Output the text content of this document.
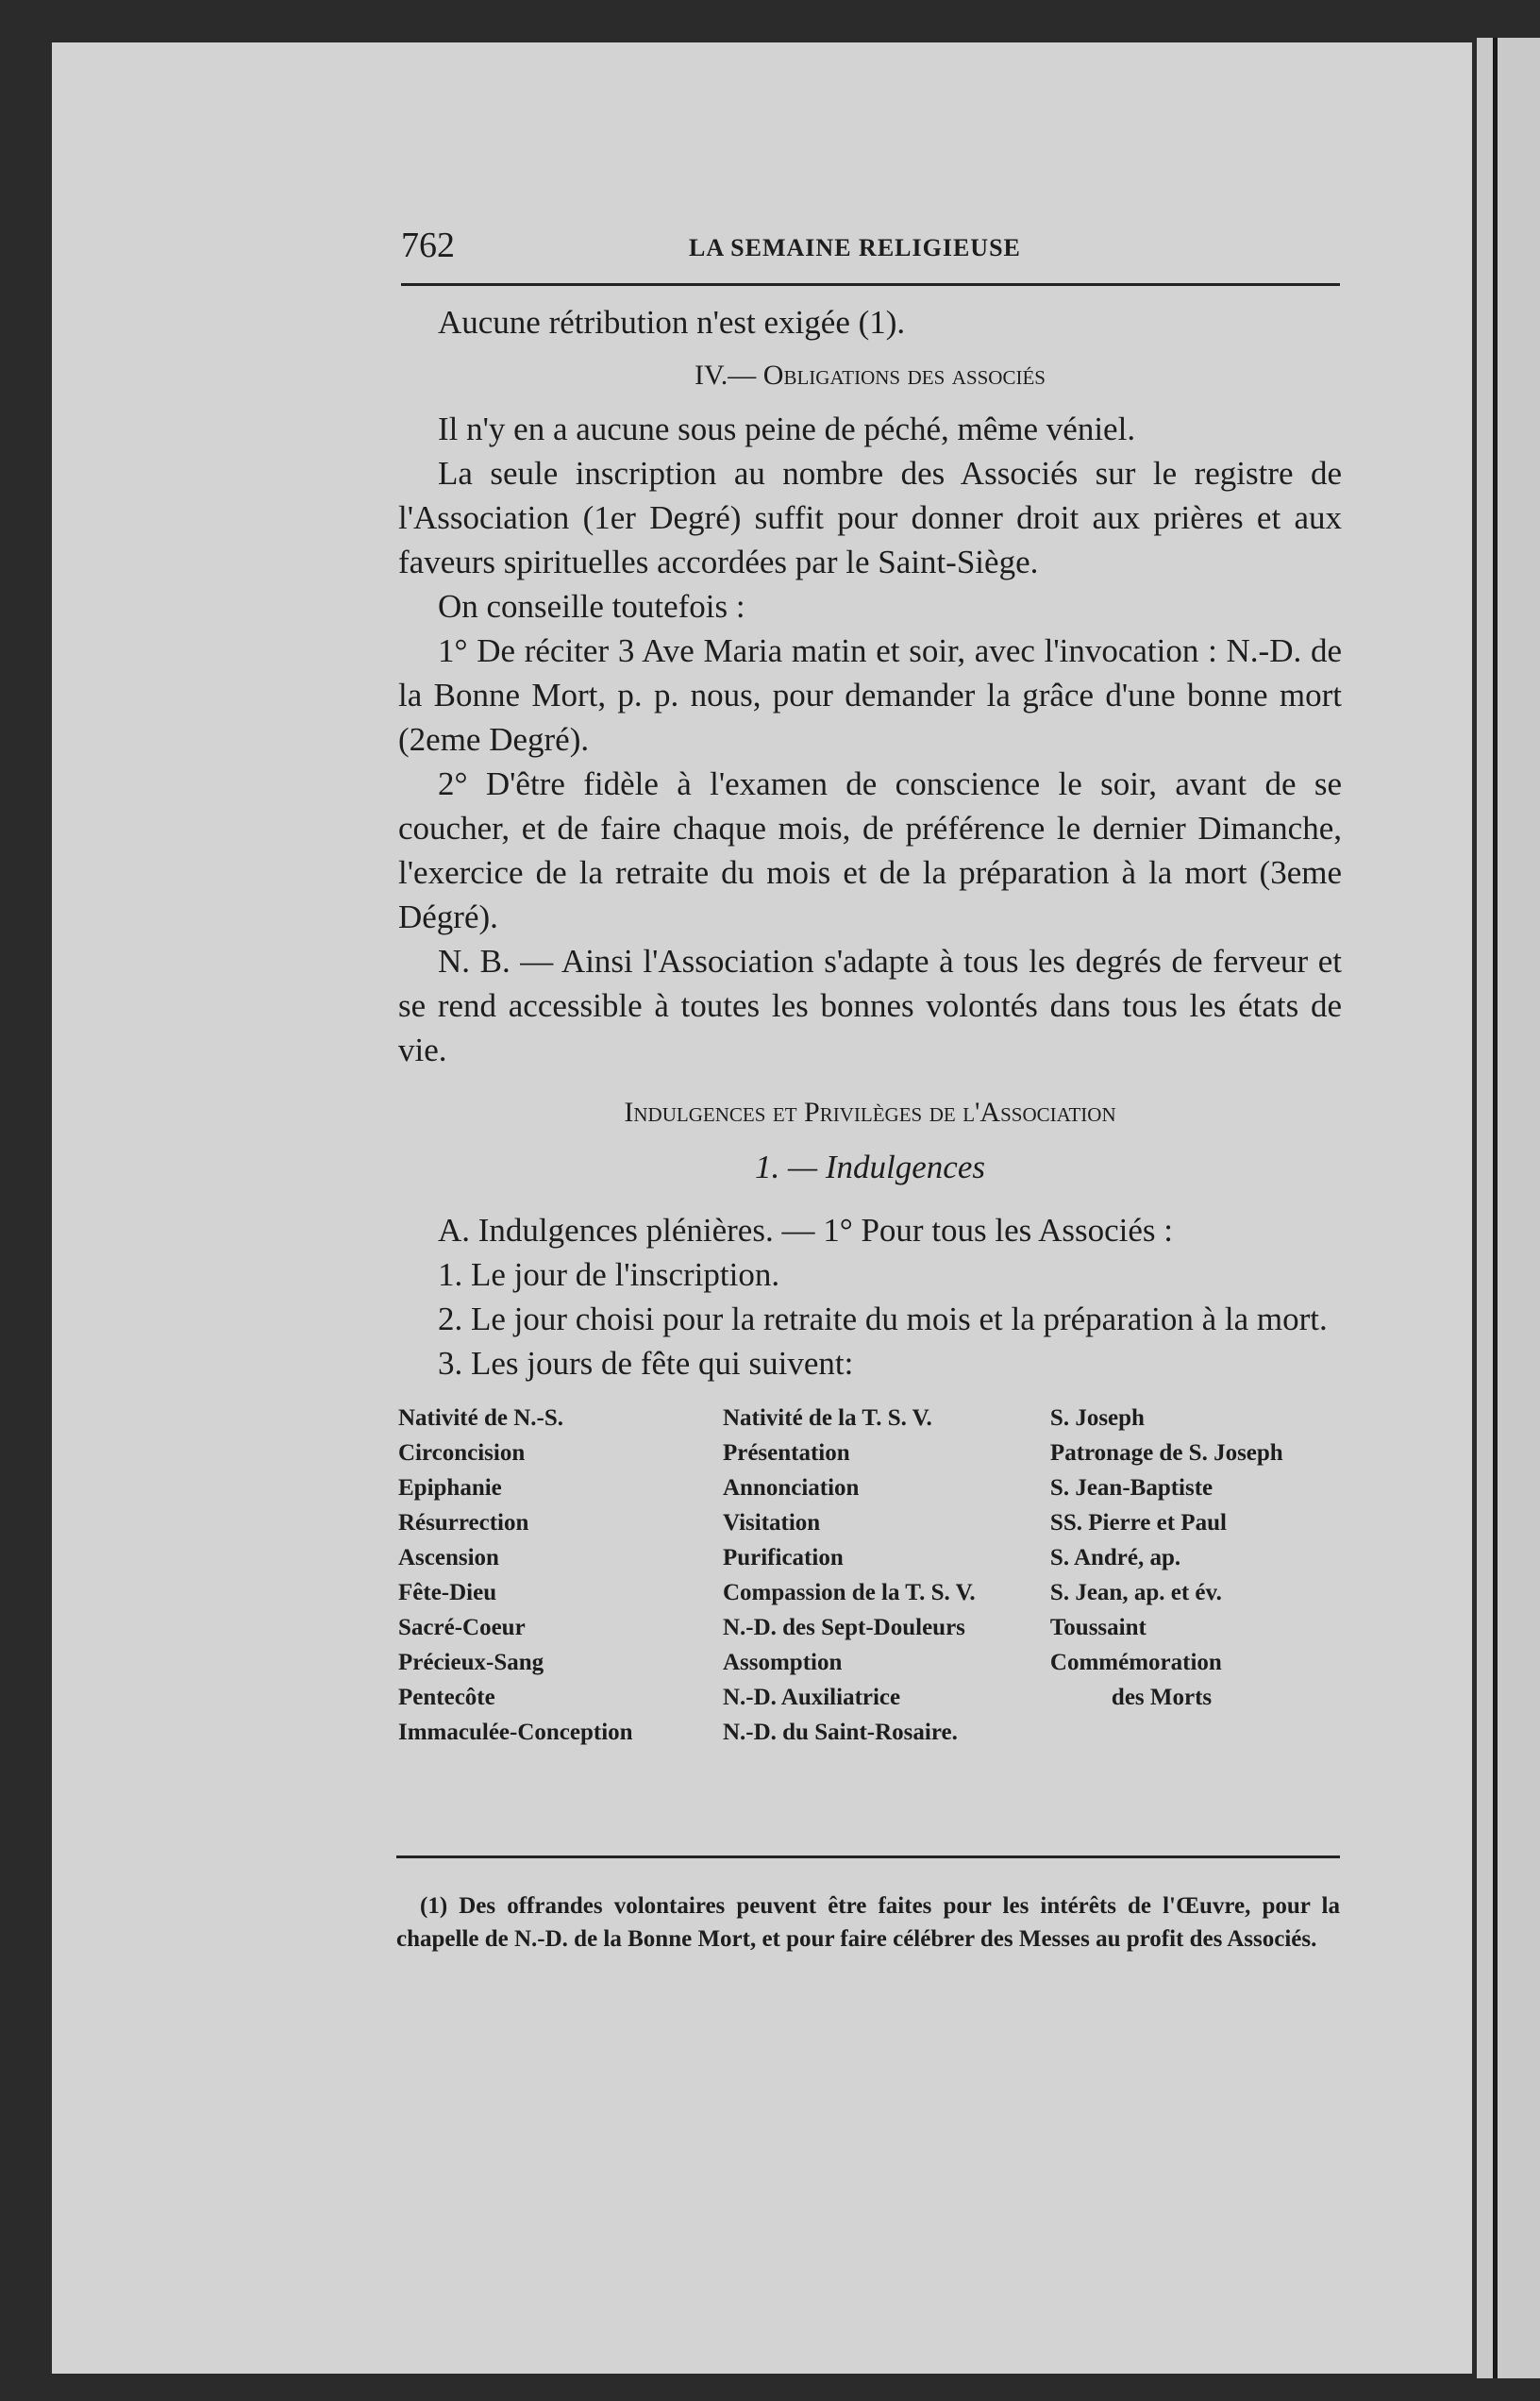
762	LA SEMAINE RELIGIEUSE

Aucune rétribution n'est exigée (1).

IV.— Obligations des associés

Il n'y en a aucune sous peine de péché, même véniel.

La seule inscription au nombre des Associés sur le registre de l'Association (1er Degré) suffit pour donner droit aux prières et aux faveurs spirituelles accordées par le Saint-Siège.

On conseille toutefois :

1° De réciter 3 Ave Maria matin et soir, avec l'invocation : N.-D. de la Bonne Mort, p. p. nous, pour demander la grâce d'une bonne mort (2eme Degré).

2° D'être fidèle à l'examen de conscience le soir, avant de se coucher, et de faire chaque mois, de préférence le dernier Dimanche, l'exercice de la retraite du mois et de la préparation à la mort (3eme Dégré).

N. B. — Ainsi l'Association s'adapte à tous les degrés de ferveur et se rend accessible à toutes les bonnes volontés dans tous les états de vie.

Indulgences et Privilèges de l'Association

1. — Indulgences

A. Indulgences plénières. — 1° Pour tous les Associés :

1. Le jour de l'inscription.

2. Le jour choisi pour la retraite du mois et la préparation à la mort.

3. Les jours de fête qui suivent:

Nativité de N.-S.
Circoncision
Epiphanie
Résurrection
Ascension
Fête-Dieu
Sacré-Coeur
Précieux-Sang
Pentecôte
Immaculée-Conception
Nativité de la T. S. V.
Présentation
Annonciation
Visitation
Purification
Compassion de la T. S. V.
N.-D. des Sept-Douleurs
Assomption
N.-D. Auxiliatrice
N.-D. du Saint-Rosaire.
S. Joseph
Patronage de S. Joseph
S. Jean-Baptiste
SS. Pierre et Paul
S. André, ap.
S. Jean, ap. et év.
Toussaint
Commémoration
des Morts

(1) Des offrandes volontaires peuvent être faites pour les intérêts de l'Œuvre, pour la chapelle de N.-D. de la Bonne Mort, et pour faire célébrer des Messes au profit des Associés.
